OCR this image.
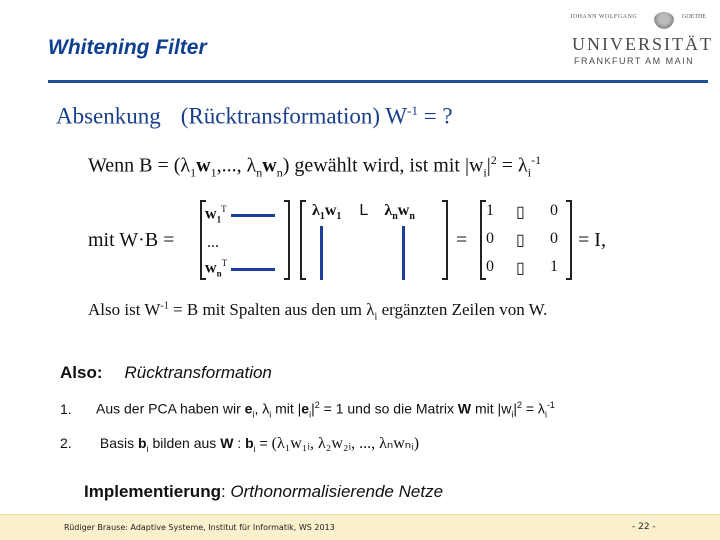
Whitening Filter
JOHANN WOLFGANG	GOETHE
UNIVERSITÄT
FRANKFURT AM MAIN
Absenkung (Rücktransformation) $W^{-1}$ = ?
Wenn $B = (\lambda_1w_1$,..., $\lambda_nw_n$) gewählt wird, ist mit $|w_i|^2 = \lambda_i^{-1}$
mit W·B =
$w_1^T$
...
$w_n^T$
$\lambda_1w_1$ L $\lambda_nw_n$
=
1 ▯ 0
0 ▯ 0
0 ▯ 1
= I,
Also ist $W^{-1} = B$ mit Spalten aus den um $\lambda_i$ ergänzten Zeilen von W.
Also: Rücktransformation
1. Aus der PCA haben wir $e_i$, $\lambda_i$ mit $|e_i|^2 = 1$ und so die Matrix W mit $|w_i|^2 = \lambda_i^{-1}$
2. Basis $b_i$ bilden aus W : $b_i$ = (λ₁w₁ᵢ, λ₂w₂ᵢ, ..., λₙwₙᵢ)
Implementierung: Orthonormalisierende Netze
Rüdiger Brause: Adaptive Systeme, Institut für Informatik, WS 2013	- 22 -
